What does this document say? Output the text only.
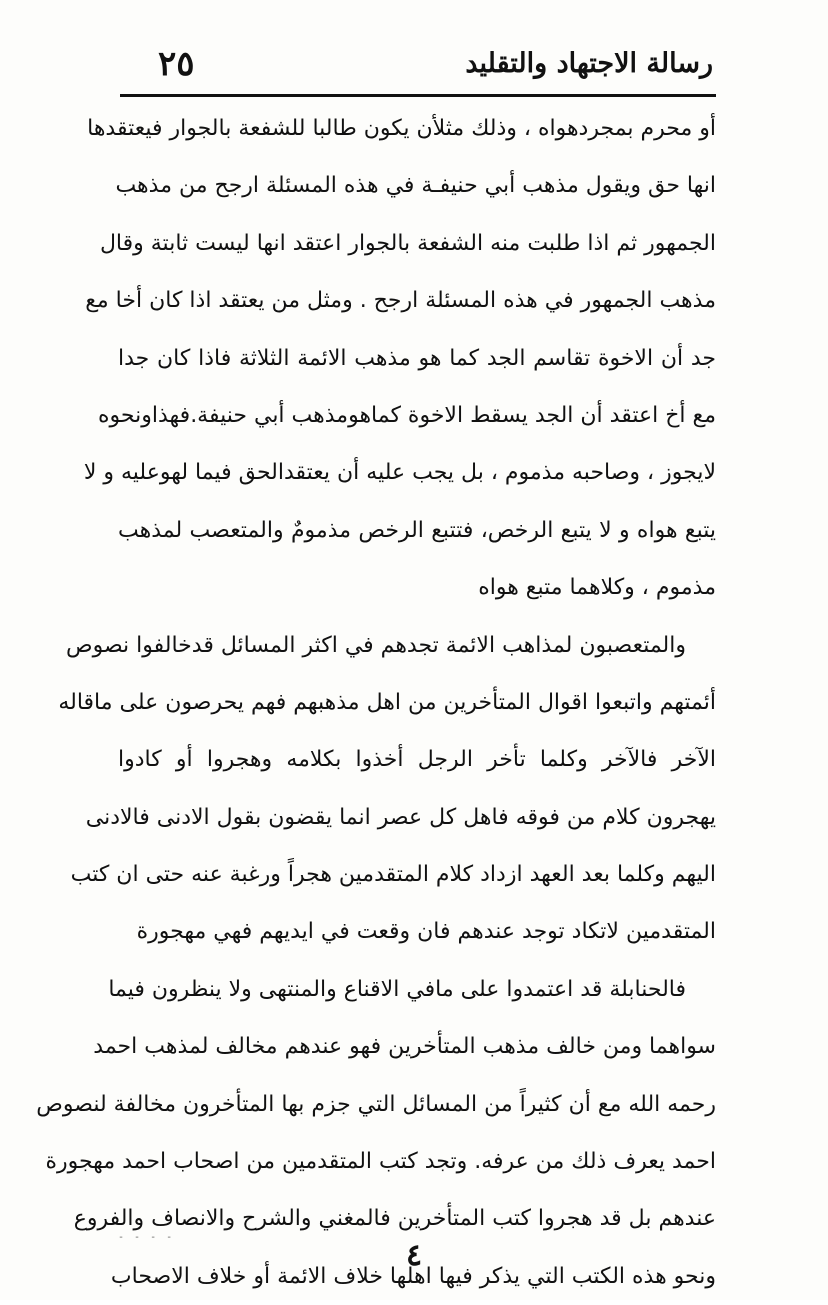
٢٥	رسالة الاجتهاد والتقليد
أو محرم بمجردهواه ، وذلك مثلأن يكون طالبا للشفعة بالجوار فيعتقدها
انها حق ويقول مذهب أبي حنيفـة في هذه المسئلة ارجح من مذهب
الجمهور ثم اذا طلبت منه الشفعة بالجوار اعتقد انها ليست ثابتة وقال
مذهب الجمهور في هذه المسئلة ارجح . ومثل من يعتقد اذا كان أخا مع
جد أن الاخوة تقاسم الجد كما هو مذهب الائمة الثلاثة فاذا كان جدا
مع أخ اعتقد أن الجد يسقط الاخوة كماهومذهب أبي حنيفة.فهذاونحوه
لايجوز ، وصاحبه مذموم ، بل يجب عليه أن يعتقدالحق فيما لهوعليه و لا
يتبع هواه و لا يتبع الرخص، فتتبع الرخص مذمومٌ والمتعصب لمذهب
مذموم ، وكلاهما متبع هواه
والمتعصبون لمذاهب الائمة تجدهم في اكثر المسائل قدخالفوا نصوص
أئمتهم واتبعوا اقوال المتأخرين من اهل مذهبهم فهم يحرصون على ماقاله
الآخر فالآخر وكلما تأخر الرجل أخذوا بكلامه وهجروا أو كادوا
يهجرون كلام من فوقه فاهل كل عصر انما يقضون بقول الادنى فالادنى
اليهم وكلما بعد العهد ازداد كلام المتقدمين هجراً ورغبة عنه حتى ان كتب
المتقدمين لاتكاد توجد عندهم فان وقعت في ايديهم فهي مهجورة
فالحنابلة قد اعتمدوا على مافي الاقناع والمنتهى ولا ينظرون فيما
سواهما ومن خالف مذهب المتأخرين فهو عندهم مخالف لمذهب احمد
رحمه الله مع أن كثيراً من المسائل التي جزم بها المتأخرون مخالفة لنصوص
احمد يعرف ذلك من عرفه. وتجد كتب المتقدمين من اصحاب احمد مهجورة
عندهم بل قد هجروا كتب المتأخرين فالمغني والشرح والانصاف والفروع
ونحو هذه الكتب التي يذكر فيها اهلها خلاف الائمة أو خلاف الاصحاب
- - - -
٤
